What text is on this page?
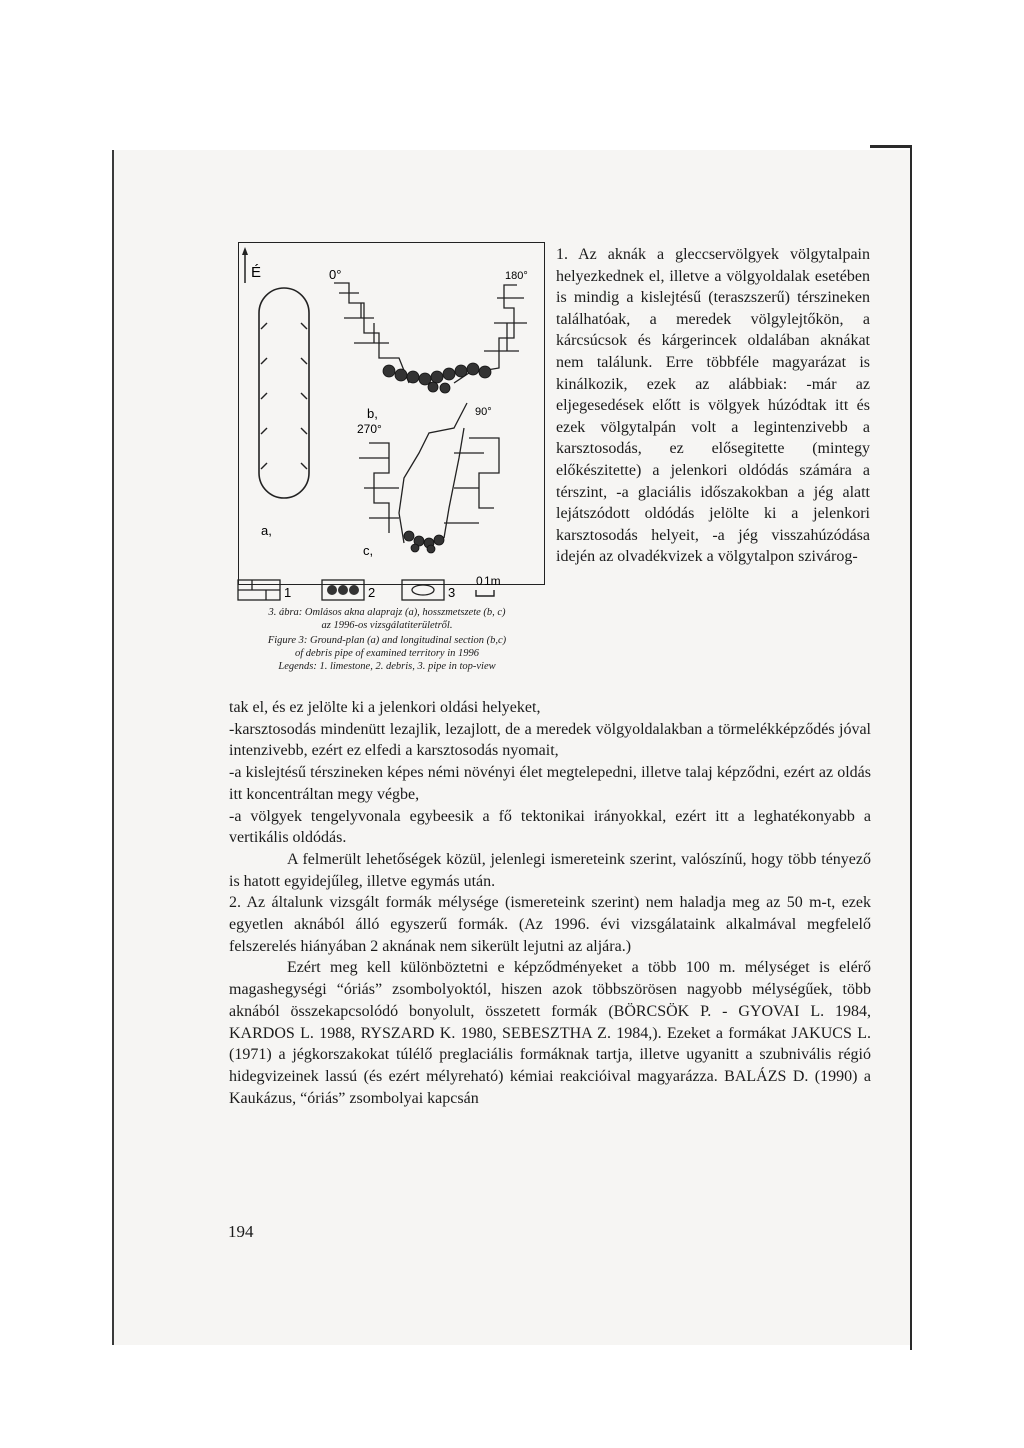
É
a,
0°	180°
90°
270°
b,
c,
1	2	3
0 1m
3. ábra: Omlásos akna alaprajz (a), hosszmetszete (b, c)
az 1996-os vizsgálatiterületről.
Figure 3: Ground-plan (a) and longitudinal section (b,c)
of debris pipe of examined territory in 1996
Legends: 1. limestone, 2. debris, 3. pipe in top-view

1. Az aknák a gleccservölgyek völgytalpain helyezkednek el, illetve a völgyoldalak esetében is mindig a kislejtésű (teraszszerű) térszineken találhatóak, a meredek völgylejtőkön, a kárcsúcsok és kárgerincek oldalában aknákat nem találunk. Erre többféle magyarázat is kinálkozik, ezek az alábbiak: -már az eljegesedések előtt is völgyek húzódtak itt és ezek völgytalpán volt a legintenzivebb a karsztosodás, ez elősegitette (mintegy előkészitette) a jelenkori oldódás számára a térszint, -a glaciális időszakokban a jég alatt lejátszódott oldódás jelölte ki a jelenkori karsztosodás helyeit, -a jég visszahúzódása idején az olvadékvizek a völgytalpon szivárog-

tak el, és ez jelölte ki a jelenkori oldási helyeket,

-karsztosodás mindenütt lezajlik, lezajlott, de a meredek völgyoldalakban a törmelékképződés jóval intenzivebb, ezért ez elfedi a karsztosodás nyomait,

-a kislejtésű térszineken képes némi növényi élet megtelepedni, illetve talaj képződni, ezért az oldás itt koncentráltan megy végbe,

-a völgyek tengelyvonala egybeesik a fő tektonikai irányokkal, ezért itt a leghatékonyabb a vertikális oldódás.

A felmerült lehetőségek közül, jelenlegi ismereteink szerint, valószínű, hogy több tényező is hatott egyidejűleg, illetve egymás után.

2. Az általunk vizsgált formák mélysége (ismereteink szerint) nem haladja meg az 50 m-t, ezek egyetlen aknából álló egyszerű formák. (Az 1996. évi vizsgálataink alkalmával megfelelő felszerelés hiányában 2 aknának nem sikerült lejutni az aljára.)

Ezért meg kell különböztetni e képződményeket a több 100 m. mélységet is elérő magashegységi “óriás” zsombolyoktól, hiszen azok többszörösen nagyobb mélységűek, több aknából összekapcsolódó bonyolult, összetett formák (BÖRCSÖK P. - GYOVAI L. 1984, KARDOS L. 1988, RYSZARD K. 1980, SEBESZTHA Z. 1984,). Ezeket a formákat JAKUCS L. (1971) a jégkorszakokat túlélő preglaciális formáknak tartja, illetve ugyanitt a szubnivális régió hidegvizeinek lassú (és ezért mélyreható) kémiai reakcióival magyarázza. BALÁZS D. (1990) a Kaukázus, “óriás” zsombolyai kapcsán

194
